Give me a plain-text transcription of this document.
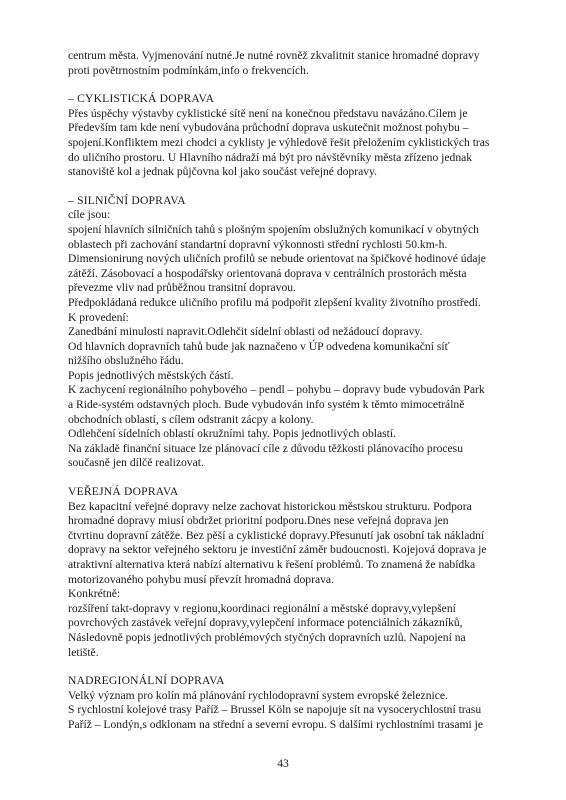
centrum města. Vyjmenování nutné.Je nutné rovněž zkvalitnit stanice hromadné dopravy

proti povětrnostním podmínkám,info o frekvencích.

– CYKLISTICKÁ DOPRAVA

Přes úspěchy výstavby cyklistické sítě není na konečnou představu navázáno.Cílem je

Především tam kde není vybudována průchodní doprava uskutečnit možnost pohybu –

spojení.Konfliktem mezi chodci a cyklisty je výhledově řešit přeložením cyklistických tras

do uličního prostoru. U Hlavního nádraží má být pro návštěvníky města zřízeno jednak

stanoviště kol a jednak půjčovna kol jako součást veřejné dopravy.

– SILNIČNÍ DOPRAVA

cíle jsou:

spojení hlavních silničních tahů s plošným spojením obslužných komunikací v obytných

oblastech při zachování standartní dopravní výkonnosti střední rychlosti 50.km-h.

Dimensionirung nových uličních profilů se nebude orientovat na špičkové hodinové údaje

zátěží. Zásobovací a hospodářsky orientovaná doprava v centrálních prostorách města

převezme vliv nad průběžnou transitní dopravou.

Předpokládaná redukce uličního profilu má podpořit zlepšení kvality životního prostředí.

K provedení:

Zanedbání minulosti napravit.Odlehčit sídelní oblasti od nežádoucí dopravy.

Od hlavních dopravních tahů bude jak naznačeno v ÚP odvedena komunikační síť

nižšího obslužného řádu.

Popis jednotlivých městských částí.

K zachycení regionálního pohybového – pendl – pohybu – dopravy bude vybudován Park

a Ride-systém odstavných ploch. Bude vybudován info systém k těmto mimocetrálně

obchodních oblastí, s cílem odstranit zácpy a kolony.

Odlehčení sídelních oblastí okružními tahy. Popis jednotlivých oblastí.

Na základě finanční situace lze plánovací cíle z důvodu těžkosti plánovacího procesu

současně jen dílčě realizovat.

VEŘEJNÁ DOPRAVA

Bez kapacitní veřejné dopravy nelze zachovat historickou městskou strukturu. Podpora

hromadné dopravy miusí obdržet prioritní podporu.Dnes nese veřejná doprava jen

čtvrtinu dopravní zátěže. Bez pěší a cyklistické dopravy.Přesunutí jak osobní tak nákladní

dopravy na sektor veřejného sektoru je investiční záměr budoucnosti. Kojejová doprava je

atraktivní alternativa která nabízí alternativu k řešení problémů. To znamená že nabídka

motorizovaného pohybu musí převzít hromadná doprava.

Konkrétně:

rozšíření takt-dopravy v regionu,koordinaci regionální a městské dopravy,vylepšení

povrchových zastávek veřejní dopravy,vylepčení informace potenciálních zákazníků,

Následovně popis jednotlivých problémových styčných dopravních uzlů. Napojení na

letiště.

NADREGIONÁLNÍ DOPRAVA

Velký význam pro kolín má plánování rychlodopravní system evropské železnice.

S rychlostní kolejové trasy Paříž – Brussel Köln se napojuje sít na vysocerychlostní trasu

Paříž – Londýn,s odklonam na střední a severní evropu. S dalšími rychlostními trasami je

43
